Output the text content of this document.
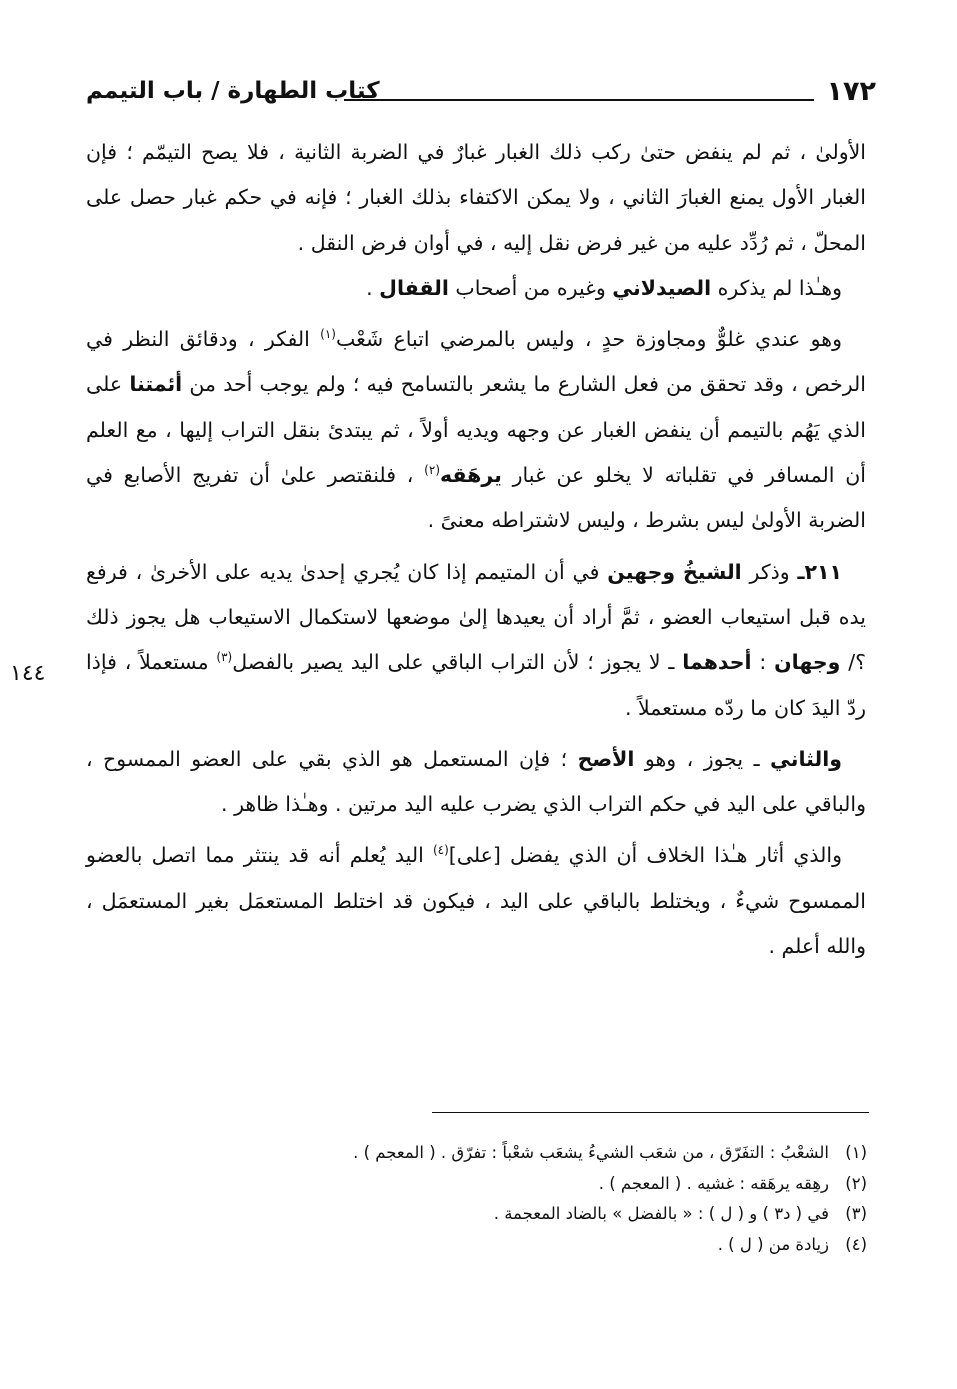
١٧٢
كتاب الطهارة / باب التيمم
١٤٤

الأولىٰ ، ثم لم ينفض حتىٰ ركب ذلك الغبار غبارٌ في الضربة الثانية ، فلا يصح التيمّم ؛ فإن الغبار الأول يمنع الغبارَ الثاني ، ولا يمكن الاكتفاء بذلك الغبار ؛ فإنه في حكم غبار حصل على المحلّ ، ثم رُدِّد عليه من غير فرض نقل إليه ، في أوان فرض النقل .

وهـٰذا لم يذكره الصيدلاني وغيره من أصحاب القفال .

وهو عندي غلوٌّ ومجاوزة حدٍ ، وليس بالمرضي اتباع شَعْب$^{(١)}$ الفكر ، ودقائق النظر في الرخص ، وقد تحقق من فعل الشارع ما يشعر بالتسامح فيه ؛ ولم يوجب أحد من أئمتنا على الذي يَهُم بالتيمم أن ينفض الغبار عن وجهه ويديه أولاً ، ثم يبتدئ بنقل التراب إليها ، مع العلم أن المسافر في تقلباته لا يخلو عن غبار يرهَقه$^{(٢)}$ ، فلنقتصر علىٰ أن تفريج الأصابع في الضربة الأولىٰ ليس بشرط ، وليس لاشتراطه معنىً .

٢١١ـ وذكر الشيخُ وجهين في أن المتيمم إذا كان يُجري إحدىٰ يديه على الأخرىٰ ، فرفع يده قبل استيعاب العضو ، ثمَّ أراد أن يعيدها إلىٰ موضعها لاستكمال الاستيعاب هل يجوز ذلك ؟/ وجهان : أحدهما ـ لا يجوز ؛ لأن التراب الباقي على اليد يصير بالفصل$^{(٣)}$ مستعملاً ، فإذا ردّ اليدَ كان ما ردّه مستعملاً .

والثاني ـ يجوز ، وهو الأصح ؛ فإن المستعمل هو الذي بقي على العضو الممسوح ، والباقي على اليد في حكم التراب الذي يضرب عليه اليد مرتين . وهـٰذا ظاهر .

والذي أثار هـٰذا الخلاف أن الذي يفضل [على]$^{(٤)}$ اليد يُعلم أنه قد ينتثر مما اتصل بالعضو الممسوح شيءٌ ، ويختلط بالباقي على اليد ، فيكون قد اختلط المستعمَل بغير المستعمَل ، والله أعلم .

(١)الشعْبُ : التفَرّق ، من شعَب الشيءُ يشعَب شعْباً : تفرّق . ( المعجم ) .
(٢)رهِقه يرهَقه : غشيه . ( المعجم ) .
(٣)في ( د٣ ) و ( ل ) : « بالفضل » بالضاد المعجمة .
(٤)زيادة من ( ل ) .
